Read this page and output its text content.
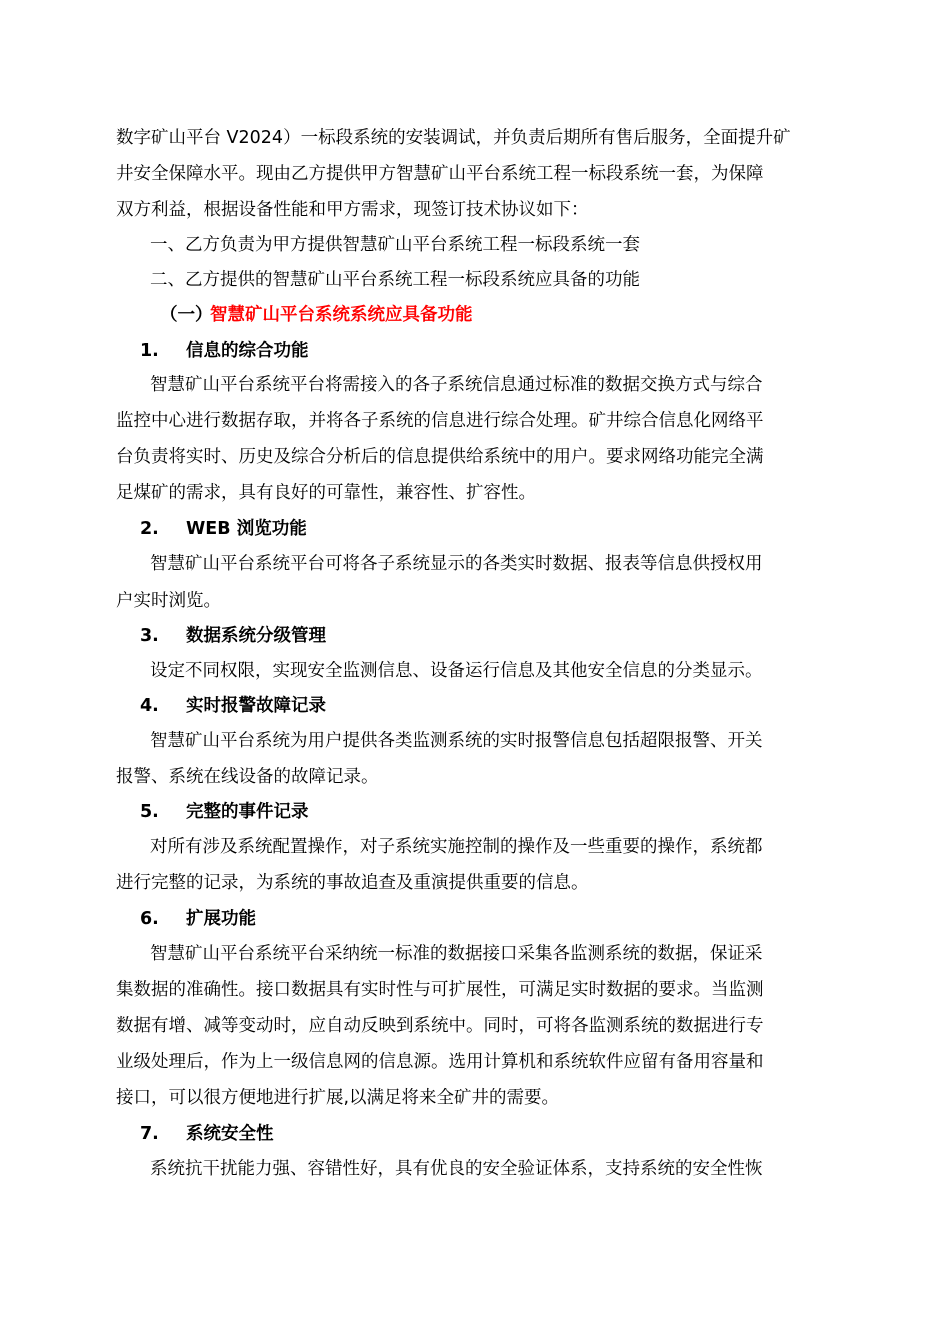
数字矿山平台 V2024）一标段系统的安装调试，并负责后期所有售后服务，全面提升矿
井安全保障水平。现由乙方提供甲方智慧矿山平台系统工程一标段系统一套，为保障
双方利益，根据设备性能和甲方需求，现签订技术协议如下：
一、乙方负责为甲方提供智慧矿山平台系统工程一标段系统一套
二、乙方提供的智慧矿山平台系统工程一标段系统应具备的功能
（一）
智慧矿山平台系统系统应具备功能
1. 信息的综合功能
智慧矿山平台系统平台将需接入的各子系统信息通过标准的数据交换方式与综合
监控中心进行数据存取，并将各子系统的信息进行综合处理。矿井综合信息化网络平
台负责将实时、历史及综合分析后的信息提供给系统中的用户。要求网络功能完全满
足煤矿的需求，具有良好的可靠性，兼容性、扩容性。
2. WEB 浏览功能
智慧矿山平台系统平台可将各子系统显示的各类实时数据、报表等信息供授权用
户实时浏览。
3. 数据系统分级管理
设定不同权限，实现安全监测信息、设备运行信息及其他安全信息的分类显示。
4. 实时报警故障记录
智慧矿山平台系统为用户提供各类监测系统的实时报警信息包括超限报警、开关
报警、系统在线设备的故障记录。
5. 完整的事件记录
对所有涉及系统配置操作，对子系统实施控制的操作及一些重要的操作，系统都
进行完整的记录，为系统的事故追查及重演提供重要的信息。
6. 扩展功能
智慧矿山平台系统平台采纳统一标准的数据接口采集各监测系统的数据，保证采
集数据的准确性。接口数据具有实时性与可扩展性，可满足实时数据的要求。当监测
数据有增、减等变动时，应自动反映到系统中。同时，可将各监测系统的数据进行专
业级处理后，作为上一级信息网的信息源。选用计算机和系统软件应留有备用容量和
接口，可以很方便地进行扩展,以满足将来全矿井的需要。
7. 系统安全性
系统抗干扰能力强、容错性好，具有优良的安全验证体系，支持系统的安全性恢
